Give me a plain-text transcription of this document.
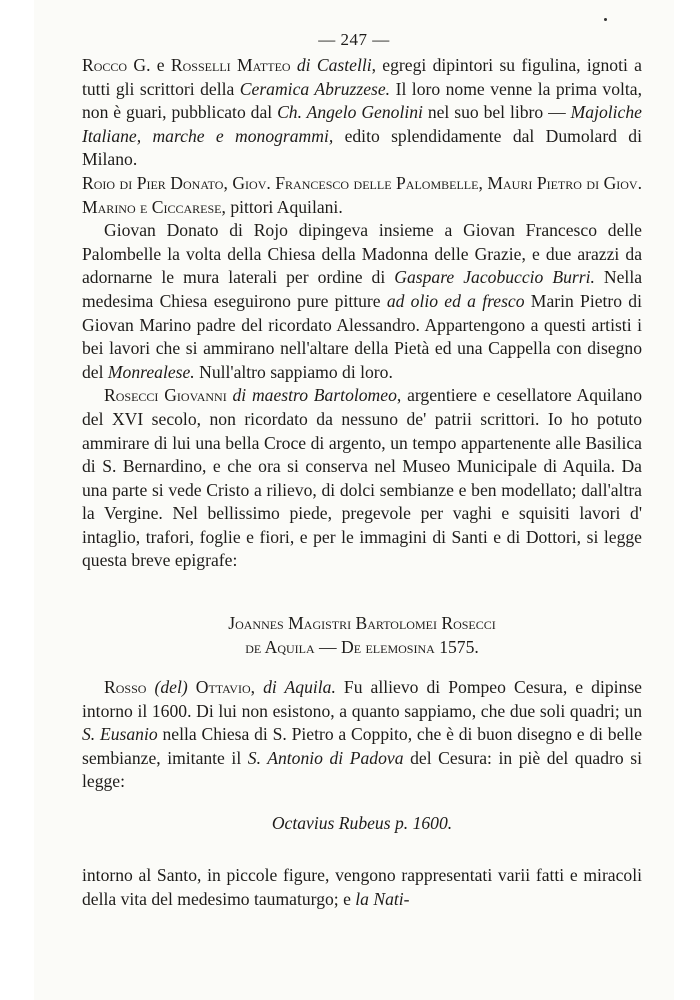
— 247 —

Rocco G. e Rosselli Matteo di Castelli, egregi dipintori su figulina, ignoti a tutti gli scrittori della Ceramica Abruzzese. Il loro nome venne la prima volta, non è guari, pubblicato dal Ch. Angelo Genolini nel suo bel libro — Majoliche Italiane, marche e monogrammi, edito splendidamente dal Dumolard di Milano.

Roio di Pier Donato, Giov. Francesco delle Palombelle, Mauri Pietro di Giov. Marino e Ciccarese, pittori Aquilani.

Giovan Donato di Rojo dipingeva insieme a Giovan Francesco delle Palombelle la volta della Chiesa della Madonna delle Grazie, e due arazzi da adornarne le mura laterali per ordine di Gaspare Jacobuccio Burri. Nella medesima Chiesa eseguirono pure pitture ad olio ed a fresco Marin Pietro di Giovan Marino padre del ricordato Alessandro. Appartengono a questi artisti i bei lavori che si ammirano nell'altare della Pietà ed una Cappella con disegno del Monrealese. Null'altro sappiamo di loro.

Rosecci Giovanni di maestro Bartolomeo, argentiere e cesellatore Aquilano del XVI secolo, non ricordato da nessuno de' patrii scrittori. Io ho potuto ammirare di lui una bella Croce di argento, un tempo appartenente alle Basilica di S. Bernardino, e che ora si conserva nel Museo Municipale di Aquila. Da una parte si vede Cristo a rilievo, di dolci sembianze e ben modellato; dall'altra la Vergine. Nel bellissimo piede, pregevole per vaghi e squisiti lavori d' intaglio, trafori, foglie e fiori, e per le immagini di Santi e di Dottori, si legge questa breve epigrafe:

Joannes Magistri Bartolomei Rosecci

de Aquila — De elemosina 1575.

Rosso (del) Ottavio, di Aquila. Fu allievo di Pompeo Cesura, e dipinse intorno il 1600. Di lui non esistono, a quanto sappiamo, che due soli quadri; un S. Eusanio nella Chiesa di S. Pietro a Coppito, che è di buon disegno e di belle sembianze, imitante il S. Antonio di Padova del Cesura: in piè del quadro si legge:

Octavius Rubeus p. 1600.

intorno al Santo, in piccole figure, vengono rappresentati varii fatti e miracoli della vita del medesimo taumaturgo; e la Nati-
